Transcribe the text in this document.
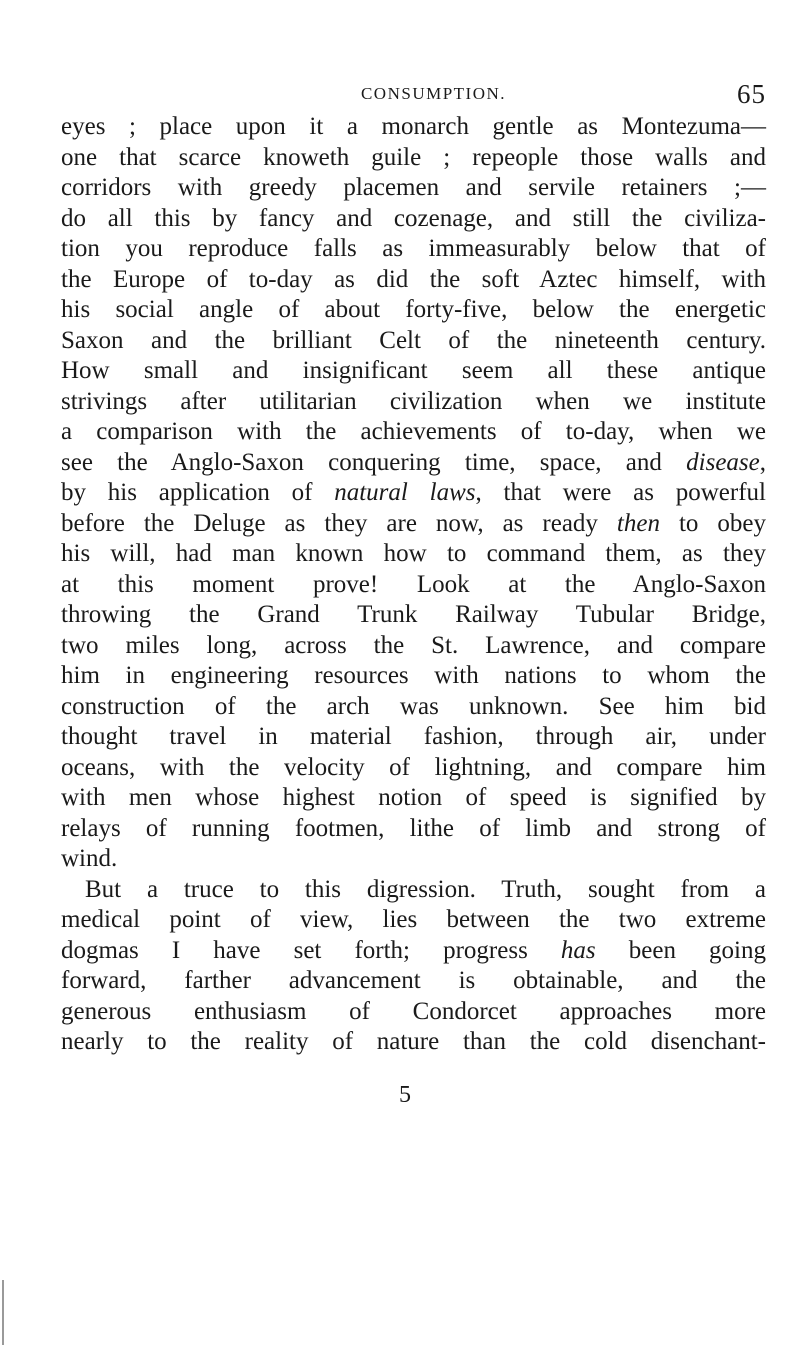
CONSUMPTION.	65
eyes ; place upon it a monarch gentle as Montezuma—
one that scarce knoweth guile ; repeople those walls and
corridors with greedy placemen and servile retainers ;—
do all this by fancy and cozenage, and still the civiliza-
tion you reproduce falls as immeasurably below that of
the Europe of to-day as did the soft Aztec himself, with
his social angle of about forty-five, below the energetic
Saxon and the brilliant Celt of the nineteenth century.
How small and insignificant seem all these antique
strivings after utilitarian civilization when we institute
a comparison with the achievements of to-day, when we
see the Anglo-Saxon conquering time, space, and disease,
by his application of natural laws, that were as powerful
before the Deluge as they are now, as ready then to obey
his will, had man known how to command them, as they
at this moment prove! Look at the Anglo-Saxon
throwing the Grand Trunk Railway Tubular Bridge,
two miles long, across the St. Lawrence, and compare
him in engineering resources with nations to whom the
construction of the arch was unknown. See him bid
thought travel in material fashion, through air, under
oceans, with the velocity of lightning, and compare him
with men whose highest notion of speed is signified by
relays of running footmen, lithe of limb and strong of
wind.
But a truce to this digression. Truth, sought from a
medical point of view, lies between the two extreme
dogmas I have set forth; progress has been going
forward, farther advancement is obtainable, and the
generous enthusiasm of Condorcet approaches more
nearly to the reality of nature than the cold disenchant-
5
